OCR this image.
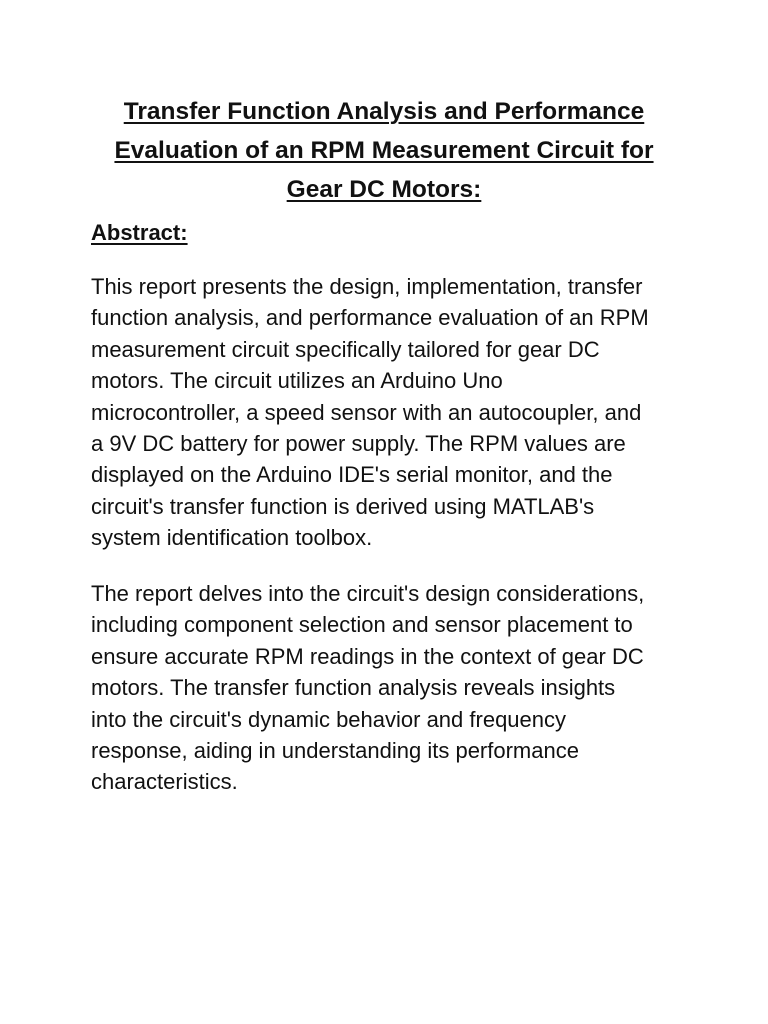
Transfer Function Analysis and Performance
Evaluation of an RPM Measurement Circuit for
Gear DC Motors:
Abstract:

This report presents the design, implementation, transfer
function analysis, and performance evaluation of an RPM
measurement circuit specifically tailored for gear DC
motors. The circuit utilizes an Arduino Uno
microcontroller, a speed sensor with an autocoupler, and
a 9V DC battery for power supply. The RPM values are
displayed on the Arduino IDE's serial monitor, and the
circuit's transfer function is derived using MATLAB's
system identification toolbox.

The report delves into the circuit's design considerations,
including component selection and sensor placement to
ensure accurate RPM readings in the context of gear DC
motors. The transfer function analysis reveals insights
into the circuit's dynamic behavior and frequency
response, aiding in understanding its performance
characteristics.
